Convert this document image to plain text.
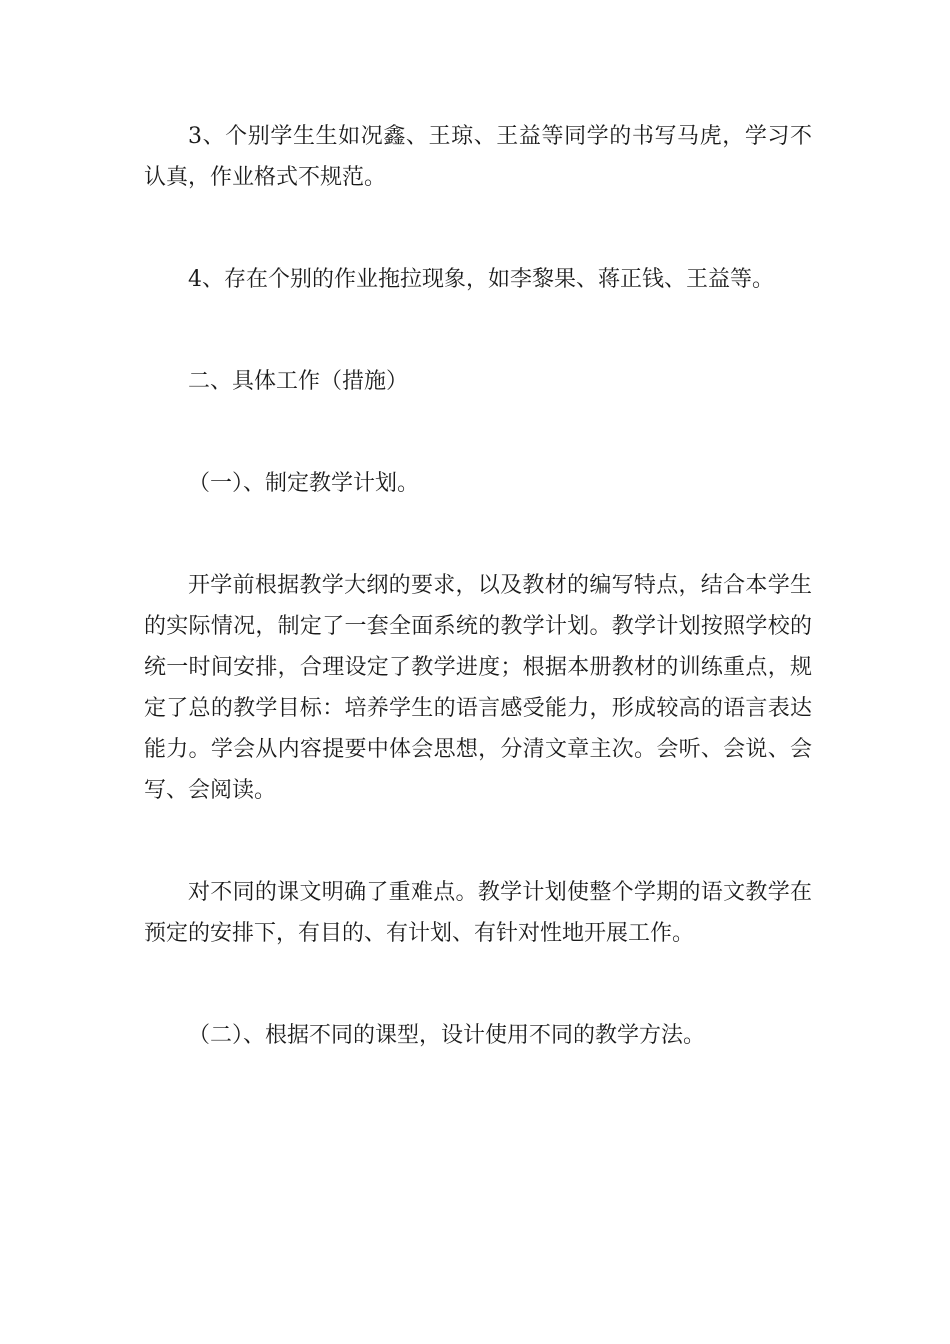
3、个别学生生如况鑫、王琼、王益等同学的书写马虎，学习不认真，作业格式不规范。

4、存在个别的作业拖拉现象，如李黎果、蒋正钱、王益等。

二、具体工作（措施）

（一）、制定教学计划。

开学前根据教学大纲的要求，以及教材的编写特点，结合本学生的实际情况，制定了一套全面系统的教学计划。教学计划按照学校的统一时间安排，合理设定了教学进度；根据本册教材的训练重点，规定了总的教学目标：培养学生的语言感受能力，形成较高的语言表达能力。学会从内容提要中体会思想，分清文章主次。会听、会说、会写、会阅读。

对不同的课文明确了重难点。教学计划使整个学期的语文教学在预定的安排下，有目的、有计划、有针对性地开展工作。

（二）、根据不同的课型，设计使用不同的教学方法。
